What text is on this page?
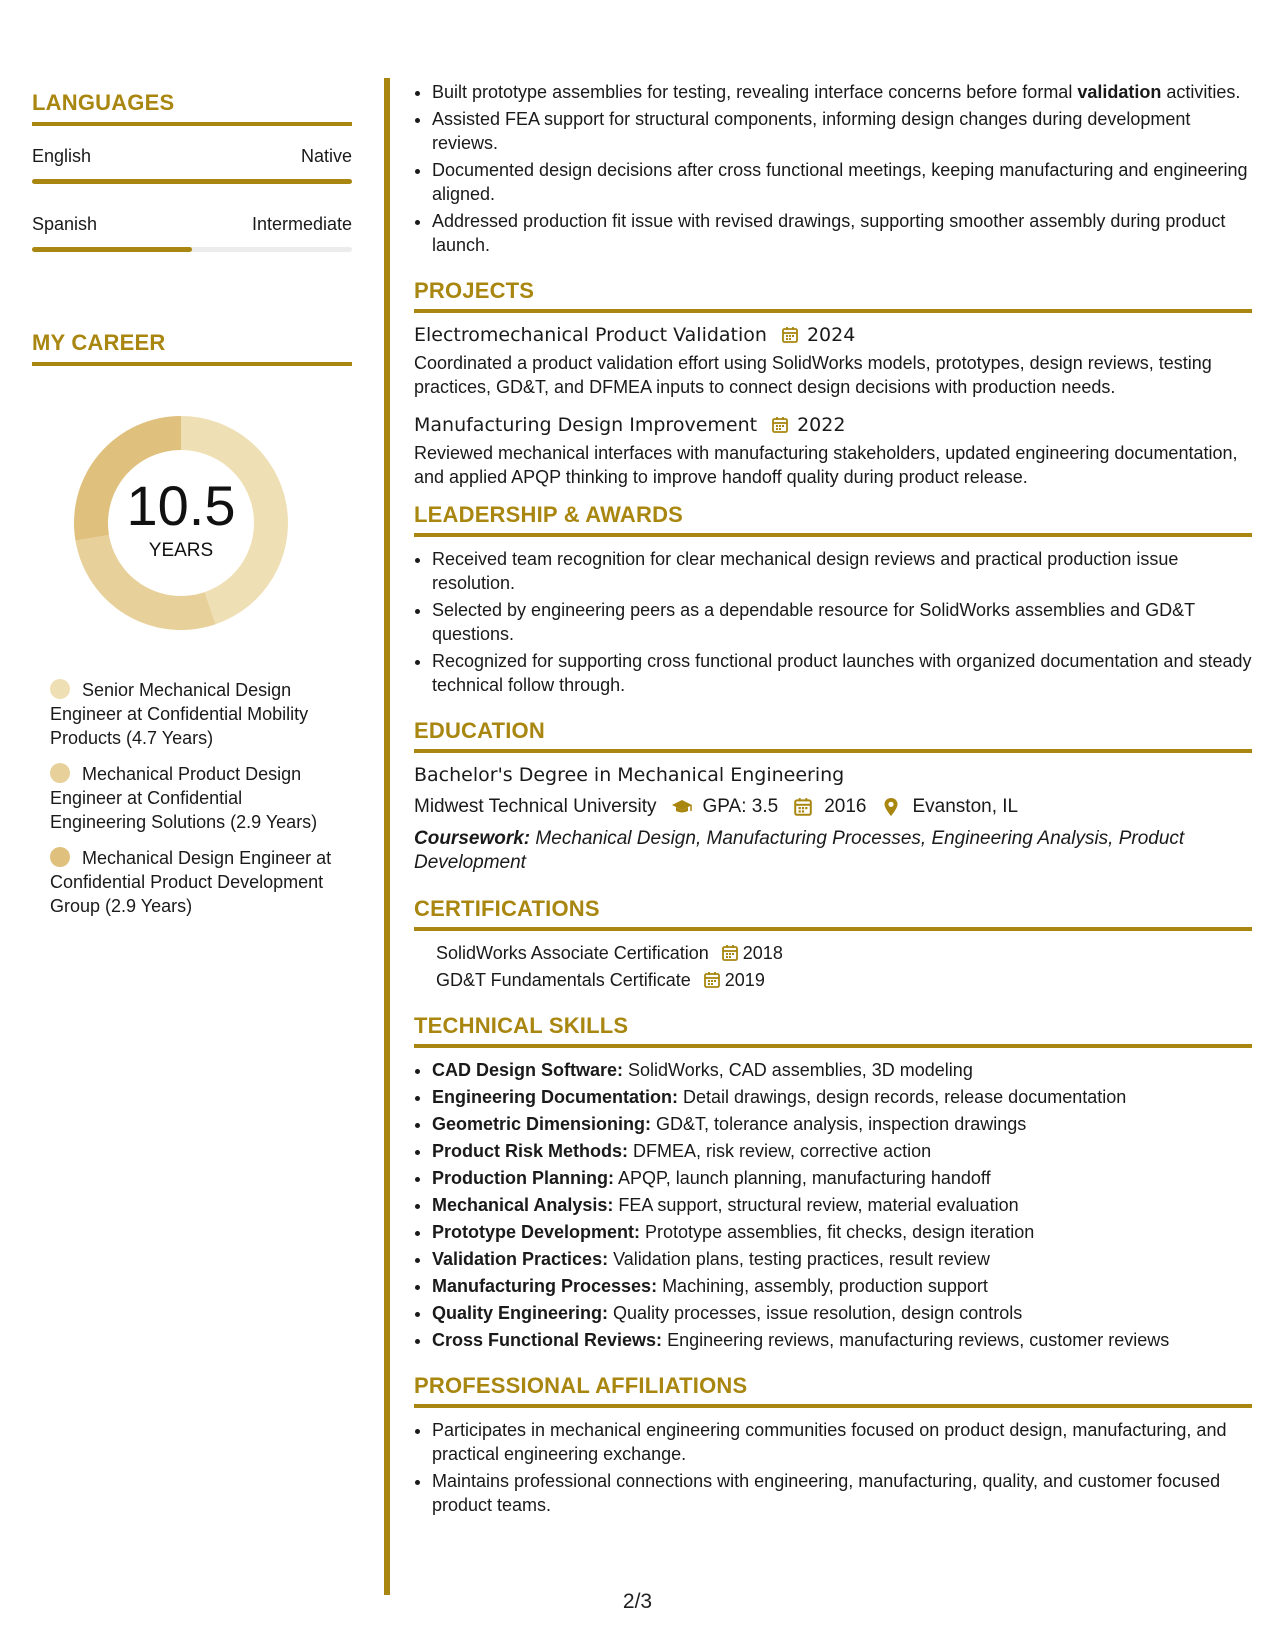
LANGUAGES
English	Native
Spanish	Intermediate
MY CAREER
10.5
YEARS
Senior Mechanical Design Engineer at Confidential Mobility Products (4.7 Years)
Mechanical Product Design Engineer at Confidential Engineering Solutions (2.9 Years)
Mechanical Design Engineer at Confidential Product Development Group (2.9 Years)
• Built prototype assemblies for testing, revealing interface concerns before formal validation activities.
• Assisted FEA support for structural components, informing design changes during development reviews.
• Documented design decisions after cross functional meetings, keeping manufacturing and engineering aligned.
• Addressed production fit issue with revised drawings, supporting smoother assembly during product launch.
PROJECTS
Electromechanical Product Validation 2024
Coordinated a product validation effort using SolidWorks models, prototypes, design reviews, testing practices, GD&T, and DFMEA inputs to connect design decisions with production needs.
Manufacturing Design Improvement 2022
Reviewed mechanical interfaces with manufacturing stakeholders, updated engineering documentation, and applied APQP thinking to improve handoff quality during product release.
LEADERSHIP & AWARDS
• Received team recognition for clear mechanical design reviews and practical production issue resolution.
• Selected by engineering peers as a dependable resource for SolidWorks assemblies and GD&T questions.
• Recognized for supporting cross functional product launches with organized documentation and steady technical follow through.
EDUCATION
Bachelor's Degree in Mechanical Engineering
Midwest Technical University GPA: 3.5 2016 Evanston, IL
Coursework: Mechanical Design, Manufacturing Processes, Engineering Analysis, Product Development
CERTIFICATIONS
SolidWorks Associate Certification 2018
GD&T Fundamentals Certificate 2019
TECHNICAL SKILLS
• CAD Design Software: SolidWorks, CAD assemblies, 3D modeling
• Engineering Documentation: Detail drawings, design records, release documentation
• Geometric Dimensioning: GD&T, tolerance analysis, inspection drawings
• Product Risk Methods: DFMEA, risk review, corrective action
• Production Planning: APQP, launch planning, manufacturing handoff
• Mechanical Analysis: FEA support, structural review, material evaluation
• Prototype Development: Prototype assemblies, fit checks, design iteration
• Validation Practices: Validation plans, testing practices, result review
• Manufacturing Processes: Machining, assembly, production support
• Quality Engineering: Quality processes, issue resolution, design controls
• Cross Functional Reviews: Engineering reviews, manufacturing reviews, customer reviews
PROFESSIONAL AFFILIATIONS
• Participates in mechanical engineering communities focused on product design, manufacturing, and practical engineering exchange.
• Maintains professional connections with engineering, manufacturing, quality, and customer focused product teams.
2/3
